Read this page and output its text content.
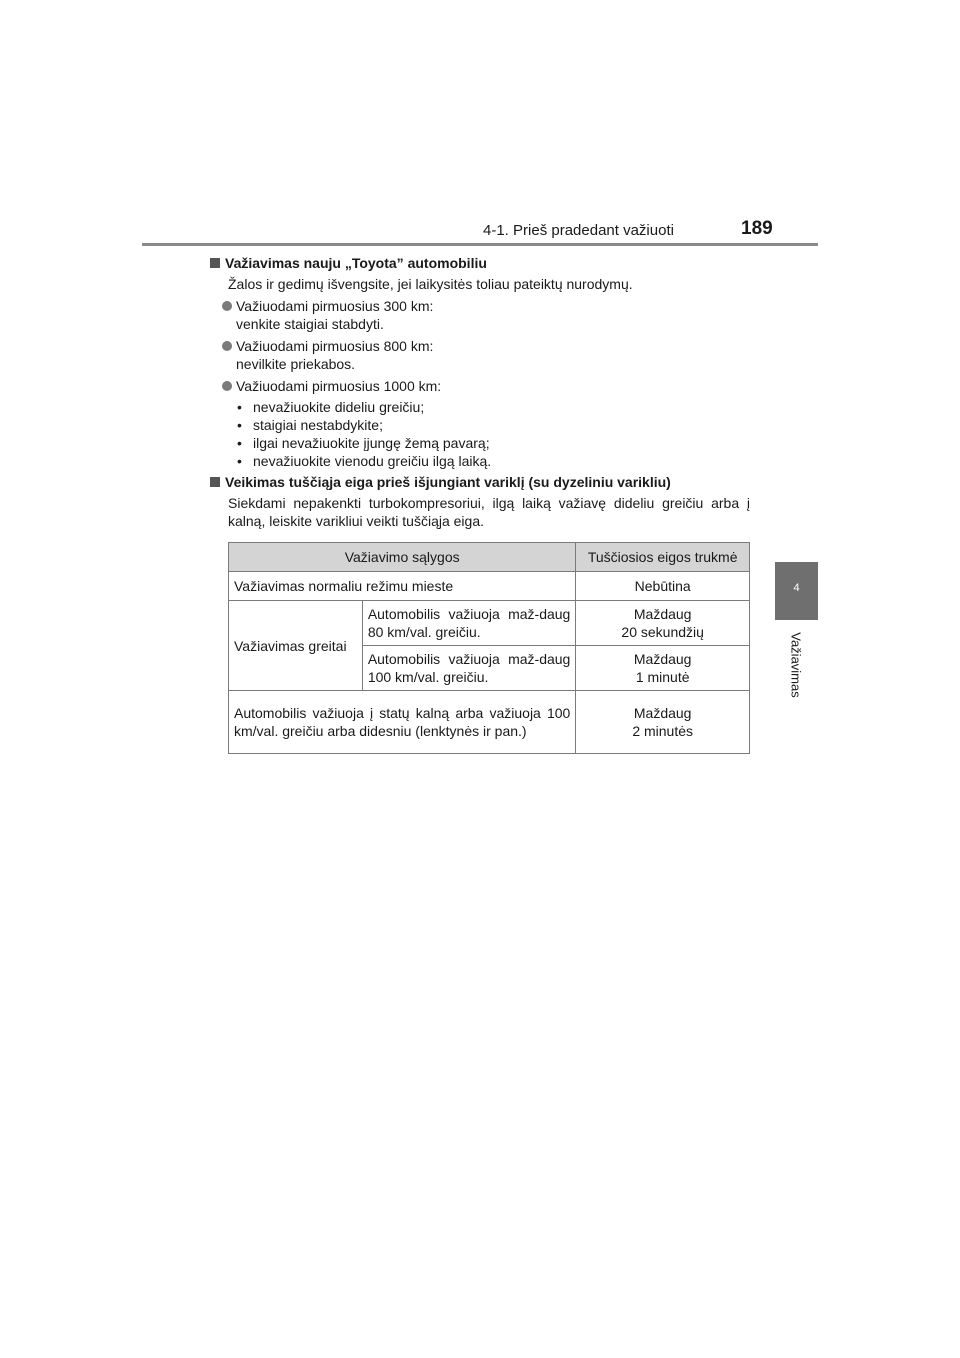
4-1. Prieš pradedant važiuoti	189
4
Važiavimas
Važiavimas nauju „Toyota” automobiliu
Žalos ir gedimų išvengsite, jei laikysitės toliau pateiktų nurodymų.
Važiuodami pirmuosius 300 km:
venkite staigiai stabdyti.
Važiuodami pirmuosius 800 km:
nevilkite priekabos.
Važiuodami pirmuosius 1000 km:
• nevažiuokite dideliu greičiu;
• staigiai nestabdykite;
• ilgai nevažiuokite įjungę žemą pavarą;
• nevažiuokite vienodu greičiu ilgą laiką.
Veikimas tuščiąja eiga prieš išjungiant variklį (su dyzeliniu varikliu)
Siekdami nepakenkti turbokompresoriui, ilgą laiką važiavę dideliu greičiu arba į kalną, leiskite varikliui veikti tuščiąja eiga.
Važiavimo sąlygos		Tuščiosios eigos trukmė
Važiavimas normaliu režimu mieste		Nebūtina
Važiavimas greitai	Automobilis važiuoja maž-daug 80 km/val. greičiu.	Maždaug
20 sekundžių

	Automobilis važiuoja maž-daug 100 km/val. greičiu.	Maždaug
1 minutė

Automobilis važiuoja į statų kalną arba važiuoja 100 km/val. greičiu arba didesniu (lenktynės ir pan.)		Maždaug
2 minutės
